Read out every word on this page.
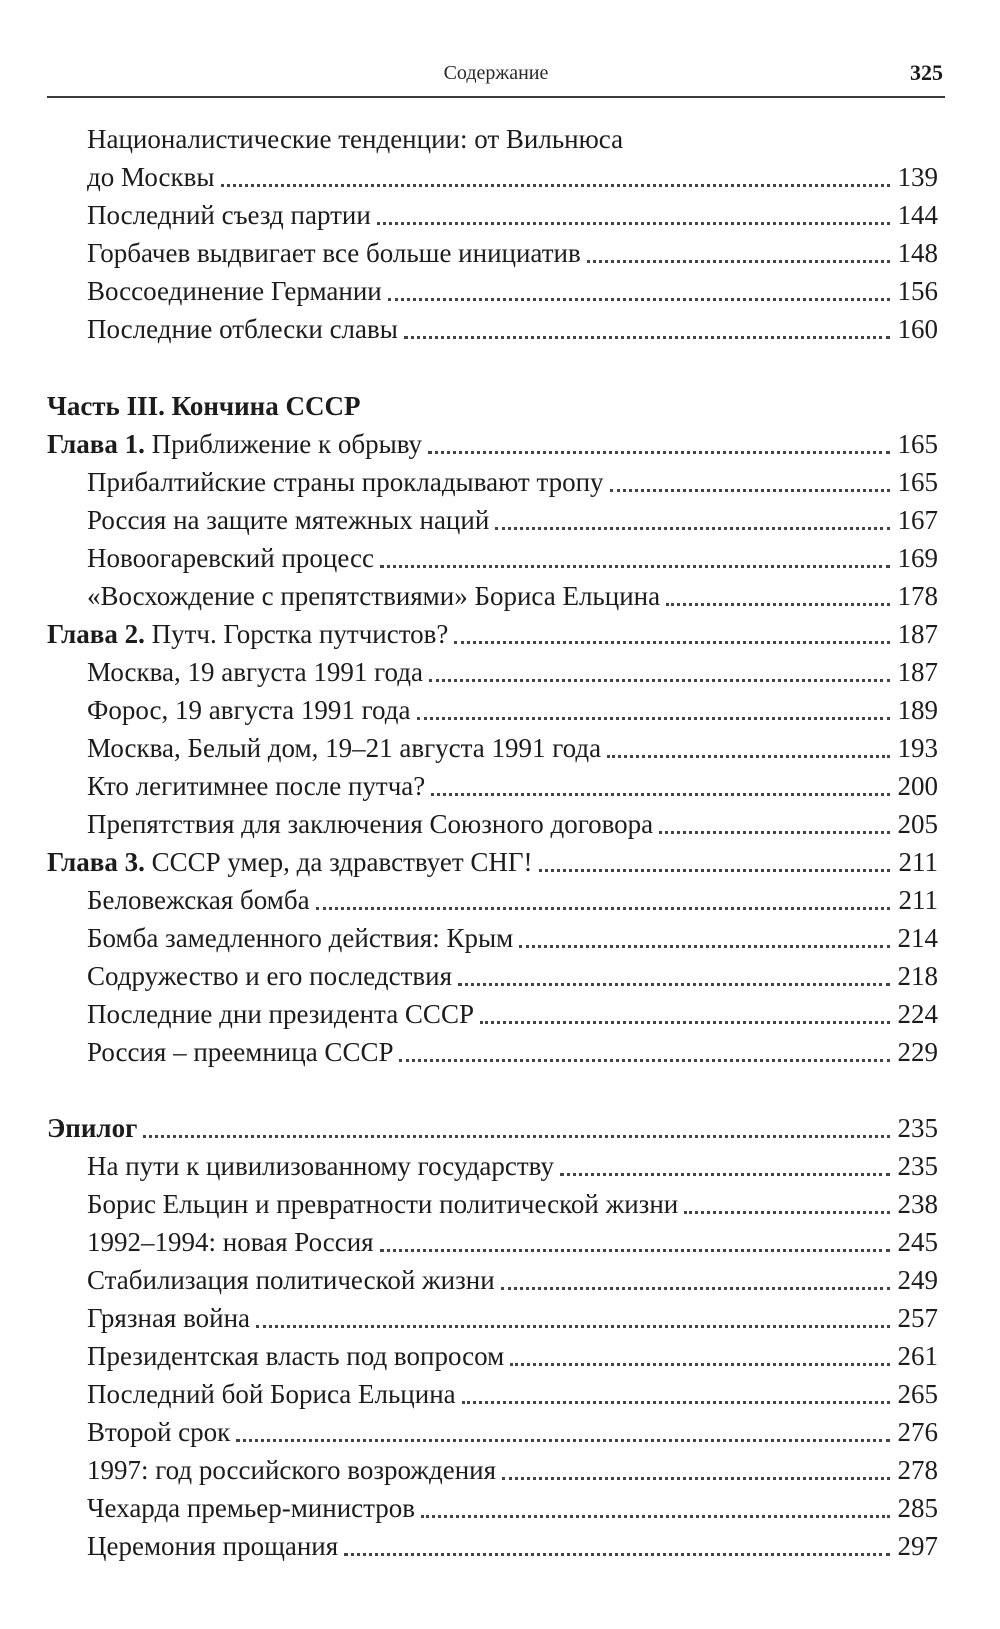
Содержание	325
Националистические тенденции: от Вильнюса
до Москвы	139
Последний съезд партии	144
Горбачев выдвигает все больше инициатив	148
Воссоединение Германии	156
Последние отблески славы	160
Часть III. Кончина СССР
Глава 1. Приближение к обрыву	165
Прибалтийские страны прокладывают тропу	165
Россия на защите мятежных наций	167
Новоогаревский процесс	169
«Восхождение с препятствиями» Бориса Ельцина	178
Глава 2. Путч. Горстка путчистов?	187
Москва, 19 августа 1991 года	187
Форос, 19 августа 1991 года	189
Москва, Белый дом, 19–21 августа 1991 года	193
Кто легитимнее после путча?	200
Препятствия для заключения Союзного договора	205
Глава 3. СССР умер, да здравствует СНГ!	211
Беловежская бомба	211
Бомба замедленного действия: Крым	214
Содружество и его последствия	218
Последние дни президента СССР	224
Россия – преемница СССР	229
Эпилог	235
На пути к цивилизованному государству	235
Борис Ельцин и превратности политической жизни	238
1992–1994: новая Россия	245
Стабилизация политической жизни	249
Грязная война	257
Президентская власть под вопросом	261
Последний бой Бориса Ельцина	265
Второй срок	276
1997: год российского возрождения	278
Чехарда премьер-министров	285
Церемония прощания	297
